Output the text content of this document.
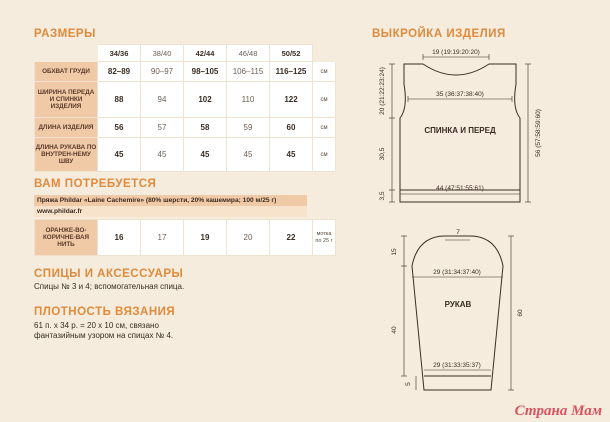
РАЗМЕРЫ	ВЫКРОЙКА ИЗДЕЛИЯ
ВАМ ПОТРЕБУЕТСЯ
СПИЦЫ И АКСЕССУАРЫ
ПЛОТНОСТЬ ВЯЗАНИЯ
	34/36	38/40	42/44	46/48	50/52	
ОБХВАТ ГРУДИ	82–89	90–97	98–105	106–115	116–125	см
ШИРИНА ПЕРЕДА И СПИНКИ ИЗДЕЛИЯ	88	94	102	110	122	см
ДЛИНА ИЗДЕЛИЯ	56	57	58	59	60	см
ДЛИНА РУКАВА ПО ВНУТРЕН-НЕМУ ШВУ	45	45	45	45	45	см
Пряжа Phildar «Laine Cachemire» (80% шерсти, 20% кашемира; 100 м/25 г)
www.phildar.fr
ОРАНЖЕ-ВО-КОРИЧНЕ-ВАЯ НИТЬ	16	17	19	20	22	мотка по 25 г
Спицы № 3 и 4; вспомогательная спица.
61 п. х 34 р. = 20 х 10 см, связано
фантазийным узором на спицах № 4.
19 (19:19:20:20)
35 (36:37:38:40)
44 (47:51:55:61)
СПИНКА И ПЕРЕД
20 (21:22:23:24)
30,5
3,5
56 (57:58:59:60)
7
29 (31:34:37:40)
29 (31:33:35:37)
РУКАВ
15
40
60
5
Страна Мам
